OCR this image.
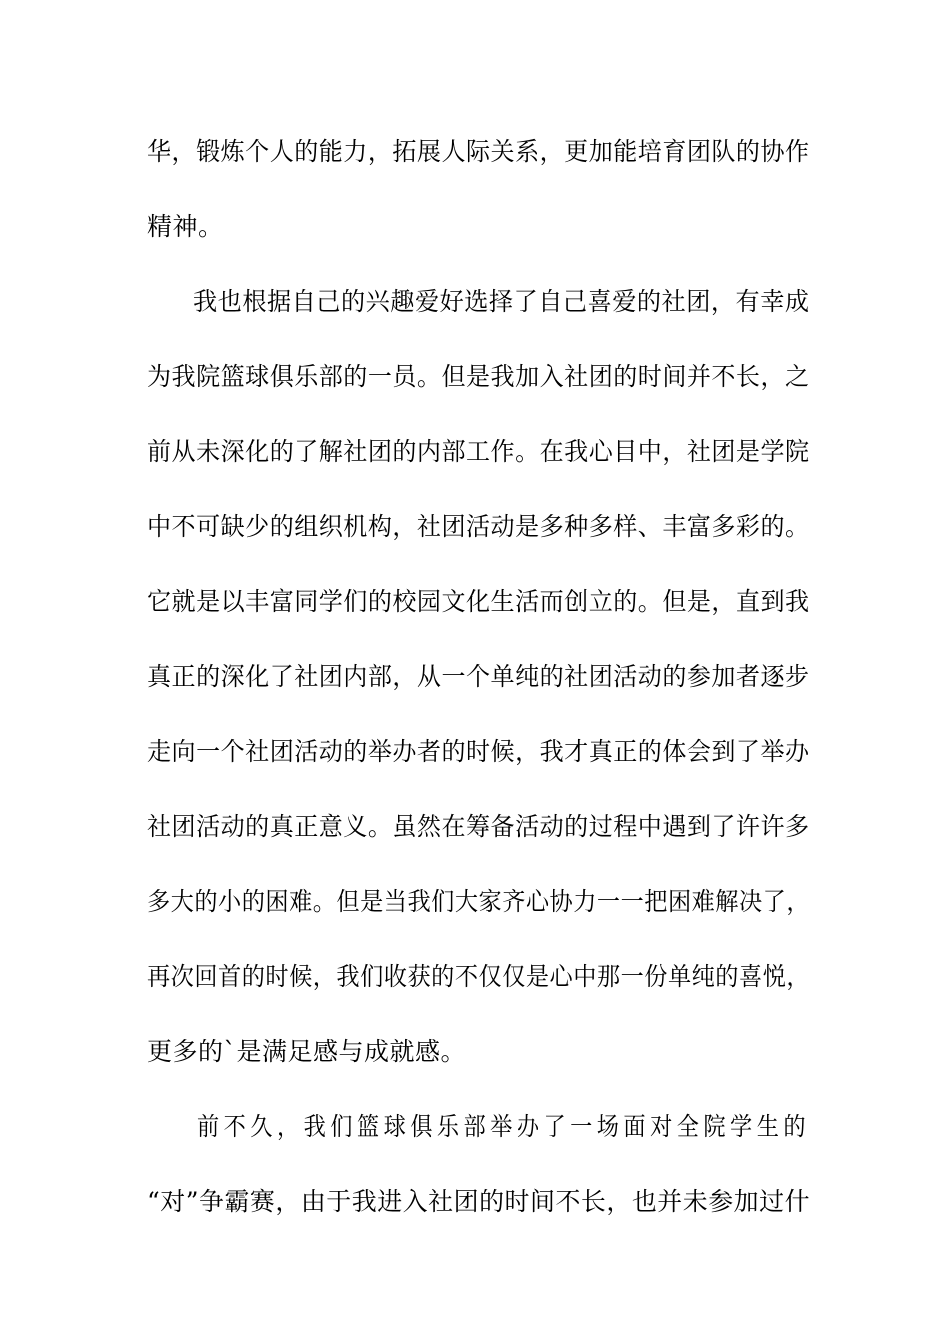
华，锻炼个人的能力，拓展人际关系，更加能培育团队的协作
精神。
我也根据自己的兴趣爱好选择了自己喜爱的社团，有幸成
为我院篮球俱乐部的一员。但是我加入社团的时间并不长，之
前从未深化的了解社团的内部工作。在我心目中，社团是学院
中不可缺少的组织机构，社团活动是多种多样、丰富多彩的。
它就是以丰富同学们的校园文化生活而创立的。但是，直到我
真正的深化了社团内部，从一个单纯的社团活动的参加者逐步
走向一个社团活动的举办者的时候，我才真正的体会到了举办
社团活动的真正意义。虽然在筹备活动的过程中遇到了许许多
多大的小的困难。但是当我们大家齐心协力一一把困难解决了，
再次回首的时候，我们收获的不仅仅是心中那一份单纯的喜悦，
更多的`是满足感与成就感。
前不久，我们篮球俱乐部举办了一场面对全院学生的
“对”争霸赛，由于我进入社团的时间不长，也并未参加过什
